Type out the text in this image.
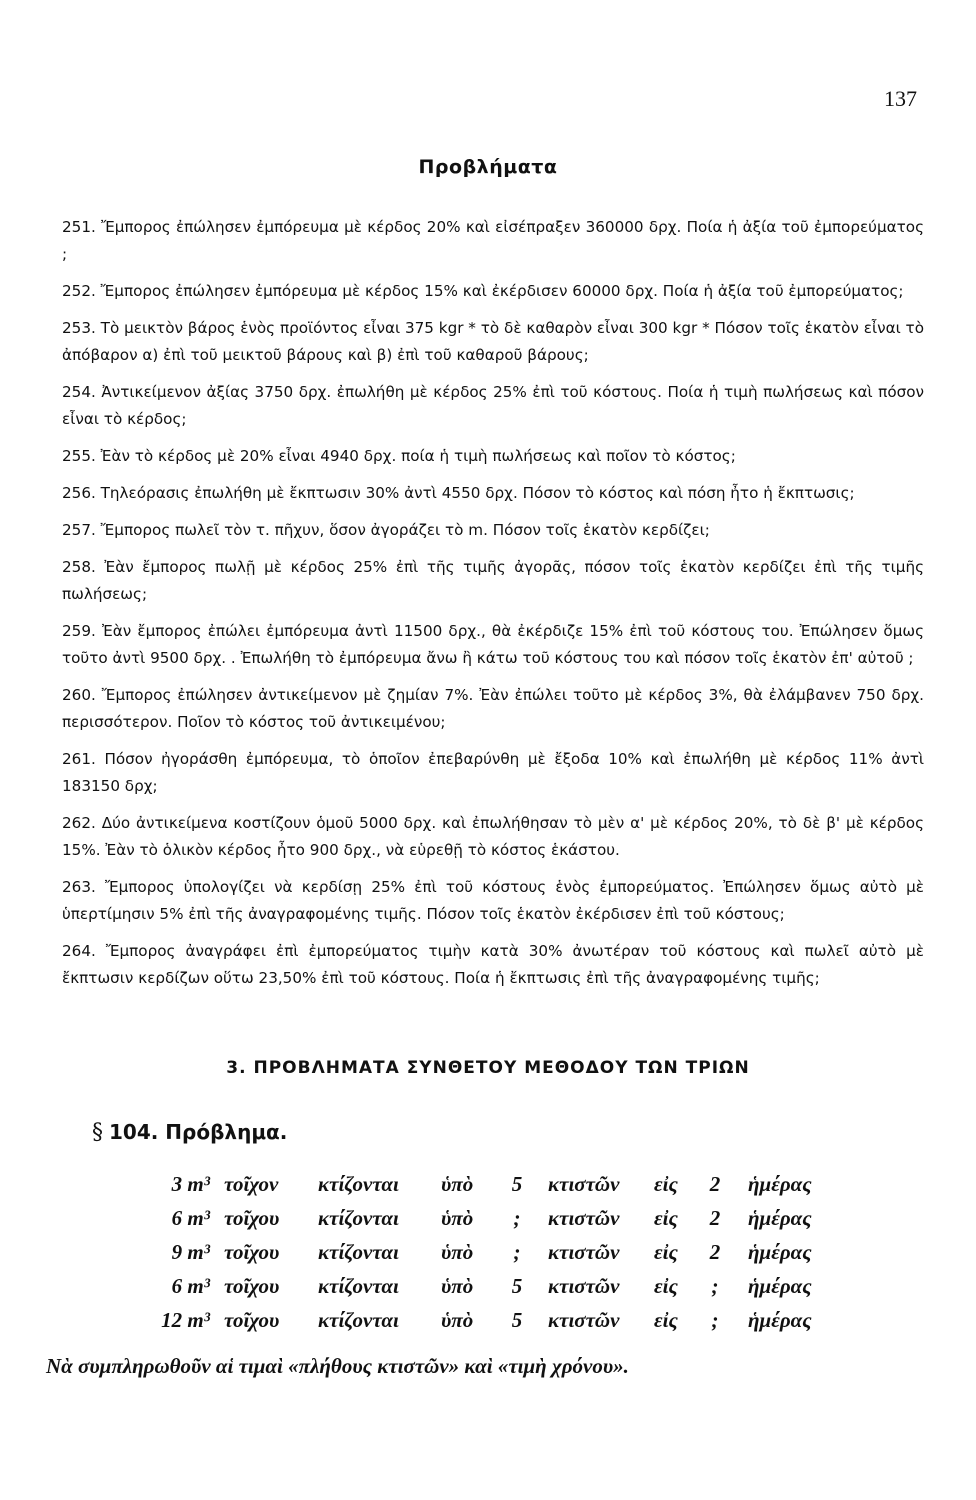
137
Προβλήματα
251. Ἔμπορος ἐπώλησεν ἐμπόρευμα μὲ κέρδος 20% καὶ εἰσέπραξεν 360000 δρχ. Ποία ἡ ἀξία τοῦ ἐμπορεύματος ;
252. Ἔμπορος ἐπώλησεν ἐμπόρευμα μὲ κέρδος 15% καὶ ἐκέρδισεν 60000 δρχ. Ποία ἡ ἀξία τοῦ ἐμπορεύματος;
253. Τὸ μεικτὸν βάρος ἑνὸς προϊόντος εἶναι 375 kgr * τὸ δὲ καθαρὸν εἶναι 300 kgr * Πόσον τοῖς ἑκατὸν εἶναι τὸ ἀπόβαρον α) ἐπὶ τοῦ μεικτοῦ βάρους καὶ β) ἐπὶ τοῦ καθαροῦ βάρους;
254. Ἀντικείμενον ἀξίας 3750 δρχ. ἐπωλήθη μὲ κέρδος 25% ἐπὶ τοῦ κόστους. Ποία ἡ τιμὴ πωλήσεως καὶ πόσον εἶναι τὸ κέρδος;
255. Ἐὰν τὸ κέρδος μὲ 20% εἶναι 4940 δρχ. ποία ἡ τιμὴ πωλήσεως καὶ ποῖον τὸ κόστος;
256. Τηλεόρασις ἐπωλήθη μὲ ἔκπτωσιν 30% ἀντὶ 4550 δρχ. Πόσον τὸ κόστος καὶ πόση ἦτο ἡ ἔκπτωσις;
257. Ἔμπορος πωλεῖ τὸν τ. πῆχυν, ὅσον ἀγοράζει τὸ m. Πόσον τοῖς ἑκατὸν κερδίζει;
258. Ἐὰν ἔμπορος πωλῇ μὲ κέρδος 25% ἐπὶ τῆς τιμῆς ἀγορᾶς, πόσον τοῖς ἑκατὸν κερδίζει ἐπὶ τῆς τιμῆς πωλήσεως;
259. Ἐὰν ἔμπορος ἐπώλει ἐμπόρευμα ἀντὶ 11500 δρχ., θὰ ἐκέρδιζε 15% ἐπὶ τοῦ κόστους του. Ἐπώλησεν ὅμως τοῦτο ἀντὶ 9500 δρχ. . Ἐπωλήθη τὸ ἐμπόρευμα ἄνω ἢ κάτω τοῦ κόστους του καὶ πόσον τοῖς ἑκατὸν ἐπ' αὐτοῦ ;
260. Ἔμπορος ἐπώλησεν ἀντικείμενον μὲ ζημίαν 7%. Ἐὰν ἐπώλει τοῦτο μὲ κέρδος 3%, θὰ ἐλάμβανεν 750 δρχ. περισσότερον. Ποῖον τὸ κόστος τοῦ ἀντικειμένου;
261. Πόσον ἠγοράσθη ἐμπόρευμα, τὸ ὁποῖον ἐπεβαρύνθη μὲ ἔξοδα 10% καὶ ἐπωλήθη μὲ κέρδος 11% ἀντὶ 183150 δρχ;
262. Δύο ἀντικείμενα κοστίζουν ὁμοῦ 5000 δρχ. καὶ ἐπωλήθησαν τὸ μὲν α' μὲ κέρδος 20%, τὸ δὲ β' μὲ κέρδος 15%. Ἐὰν τὸ ὁλικὸν κέρδος ἦτο 900 δρχ., νὰ εὑρεθῇ τὸ κόστος ἑκάστου.
263. Ἔμπορος ὑπολογίζει νὰ κερδίσῃ 25% ἐπὶ τοῦ κόστους ἑνὸς ἐμπορεύματος. Ἐπώλησεν ὅμως αὐτὸ μὲ ὑπερτίμησιν 5% ἐπὶ τῆς ἀναγραφομένης τιμῆς. Πόσον τοῖς ἑκατὸν ἐκέρδισεν ἐπὶ τοῦ κόστους;
264. Ἔμπορος ἀναγράφει ἐπὶ ἐμπορεύματος τιμὴν κατὰ 30% ἀνωτέραν τοῦ κόστους καὶ πωλεῖ αὐτὸ μὲ ἔκπτωσιν κερδίζων οὕτω 23,50% ἐπὶ τοῦ κόστους. Ποία ἡ ἔκπτωσις ἐπὶ τῆς ἀναγραφομένης τιμῆς;
3. ΠΡΟΒΛΗΜΑΤΑ ΣΥΝΘΕΤΟΥ ΜΕΘΟΔΟΥ ΤΩΝ ΤΡΙΩΝ
§ 104. Πρόβλημα.
3 m³ τοῖχον κτίζονται ὑπὸ 5 κτιστῶν εἰς 2 ἡμέρας
6 m³ τοῖχου κτίζονται ὑπὸ	;	κτιστῶν εἰς 2 ἡμέρας
9 m³ τοῖχου κτίζονται ὑπὸ	;	κτιστῶν εἰς 2 ἡμέρας
6 m³ τοῖχου κτίζονται ὑπὸ 5 κτιστῶν εἰς	;	ἡμέρας
12 m³ τοῖχου κτίζονται ὑπὸ 5 κτιστῶν εἰς	;	ἡμέρας
Νὰ συμπληρωθοῦν αἱ τιμαὶ «πλήθους κτιστῶν» καὶ «τιμὴ χρόνου».
